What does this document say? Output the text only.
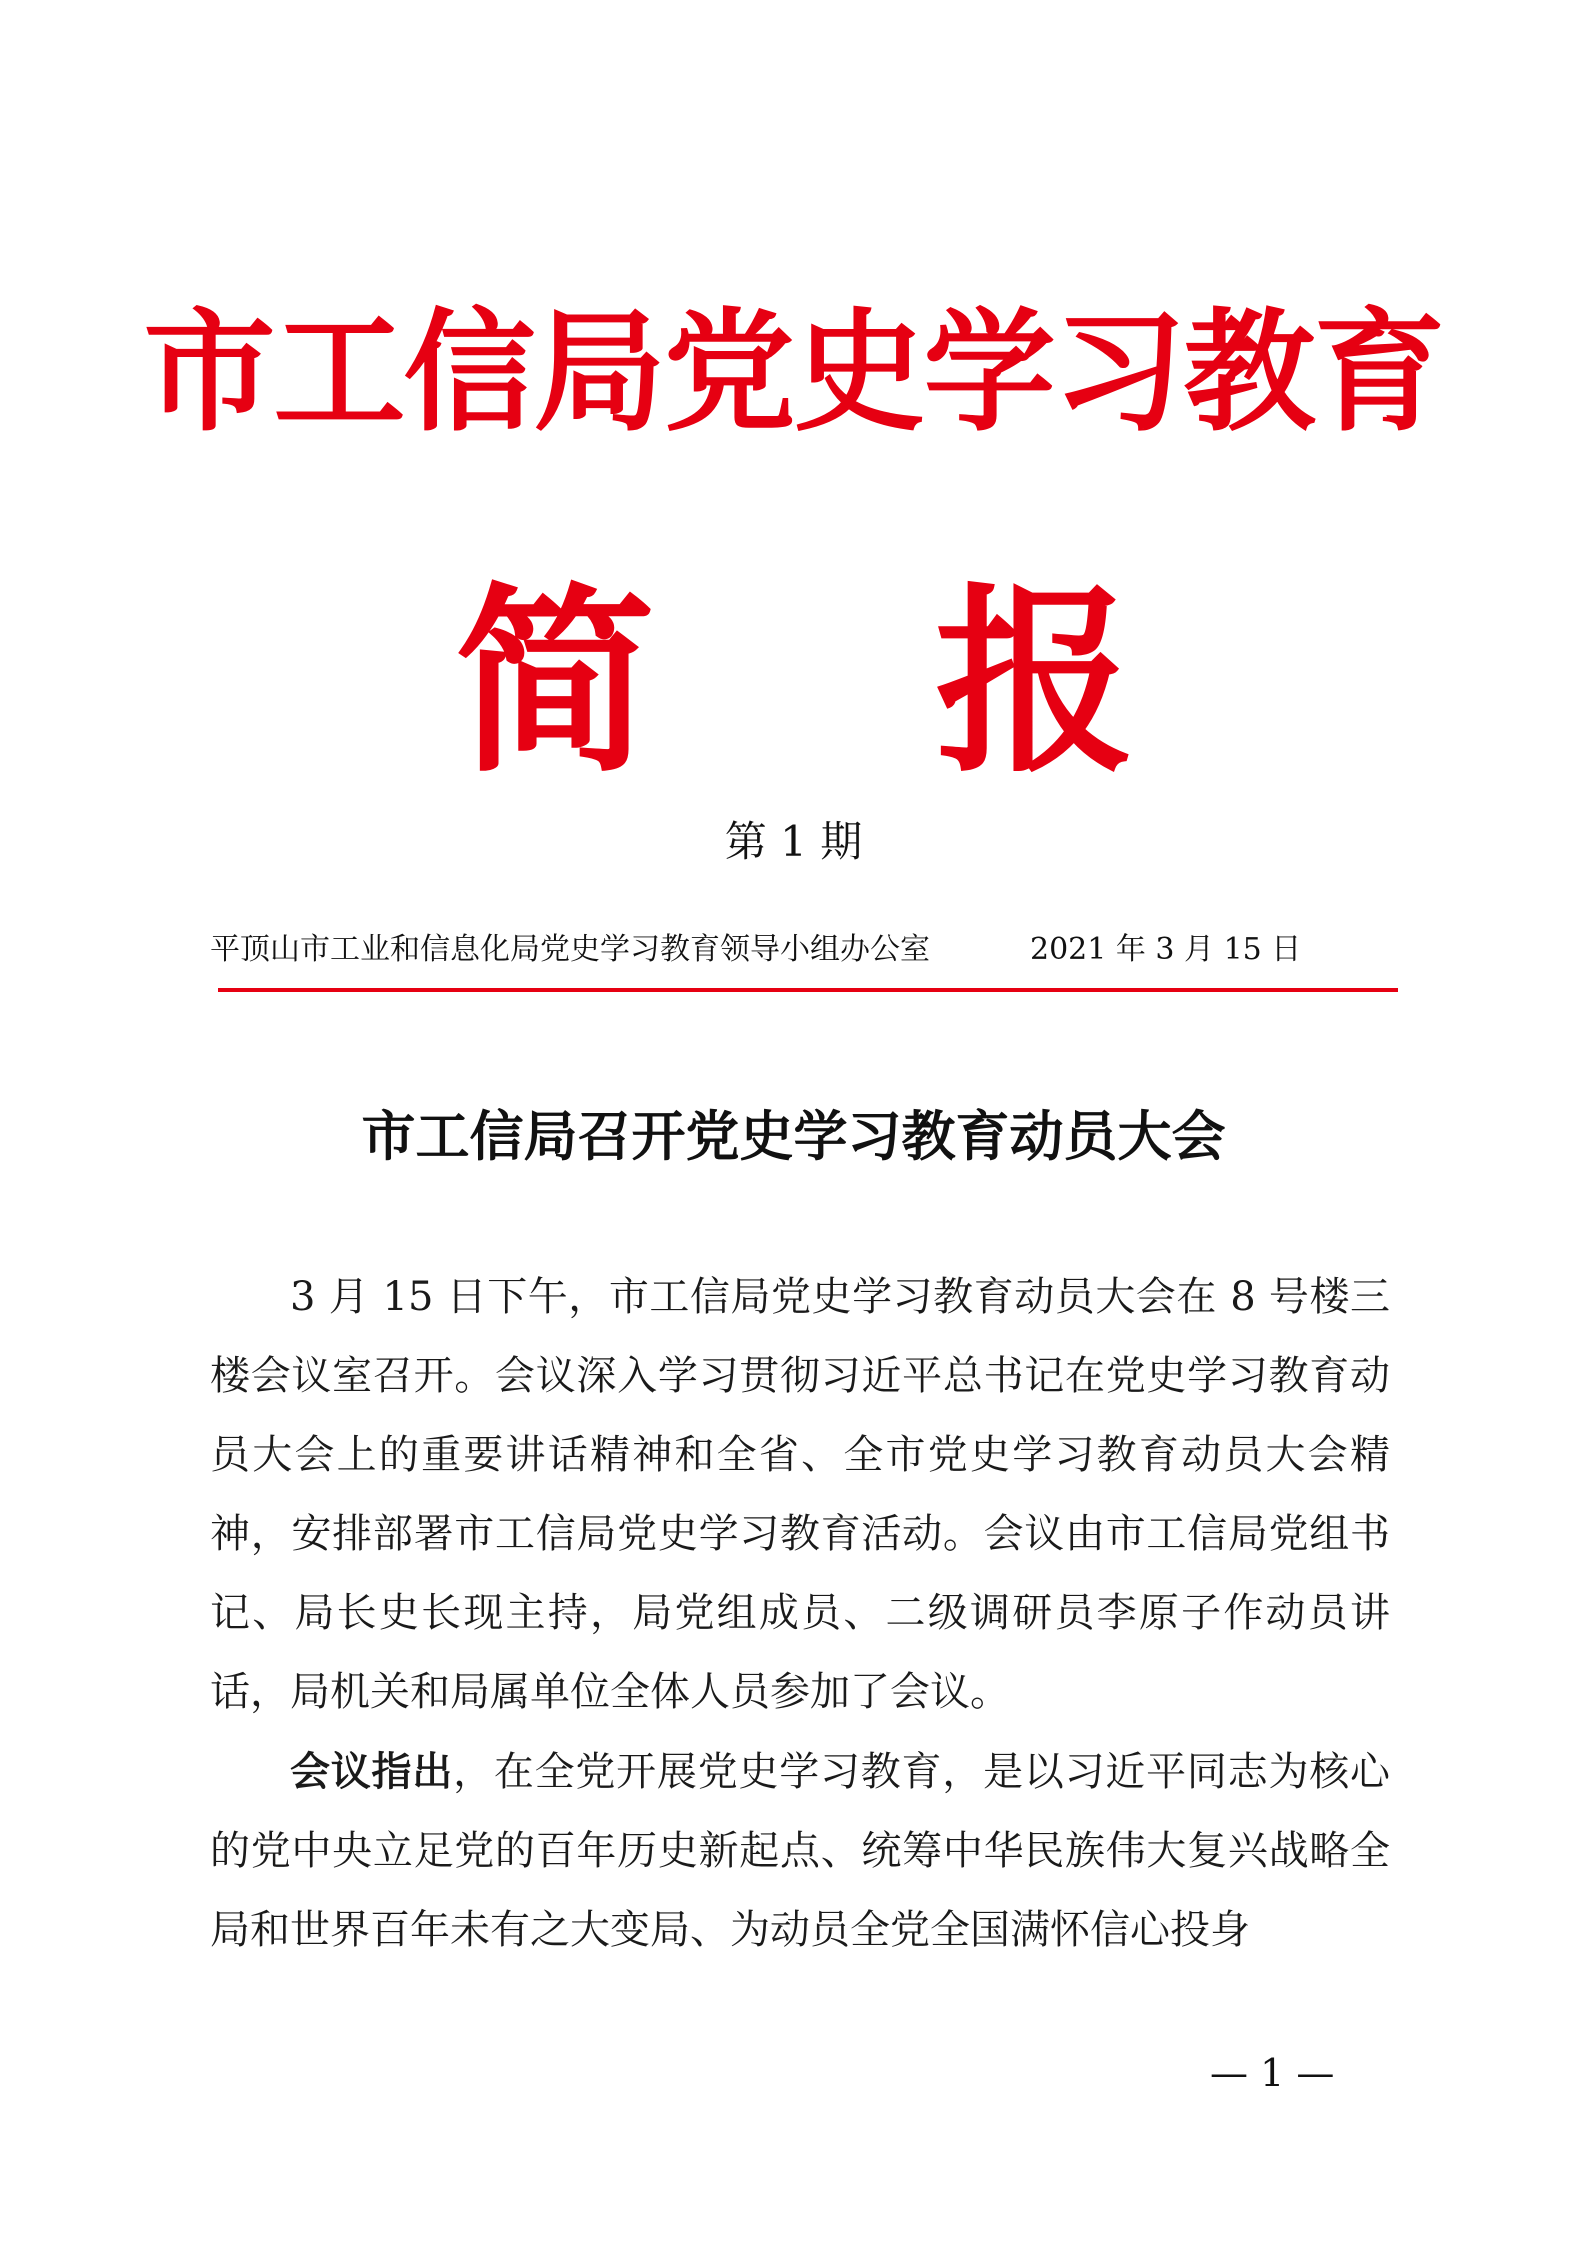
市工信局党史学习教育
简 报
第 1 期
平顶山市工业和信息化局党史学习教育领导小组办公室	2021 年 3 月 15 日
市工信局召开党史学习教育动员大会

3 月 15 日下午，市工信局党史学习教育动员大会在 8 号楼三楼会议室召开。会议深入学习贯彻习近平总书记在党史学习教育动员大会上的重要讲话精神和全省、全市党史学习教育动员大会精神，安排部署市工信局党史学习教育活动。会议由市工信局党组书记、局长史长现主持，局党组成员、二级调研员李原子作动员讲话，局机关和局属单位全体人员参加了会议。

会议指出，在全党开展党史学习教育，是以习近平同志为核心的党中央立足党的百年历史新起点、统筹中华民族伟大复兴战略全局和世界百年未有之大变局、为动员全党全国满怀信心投身

— 1 —
